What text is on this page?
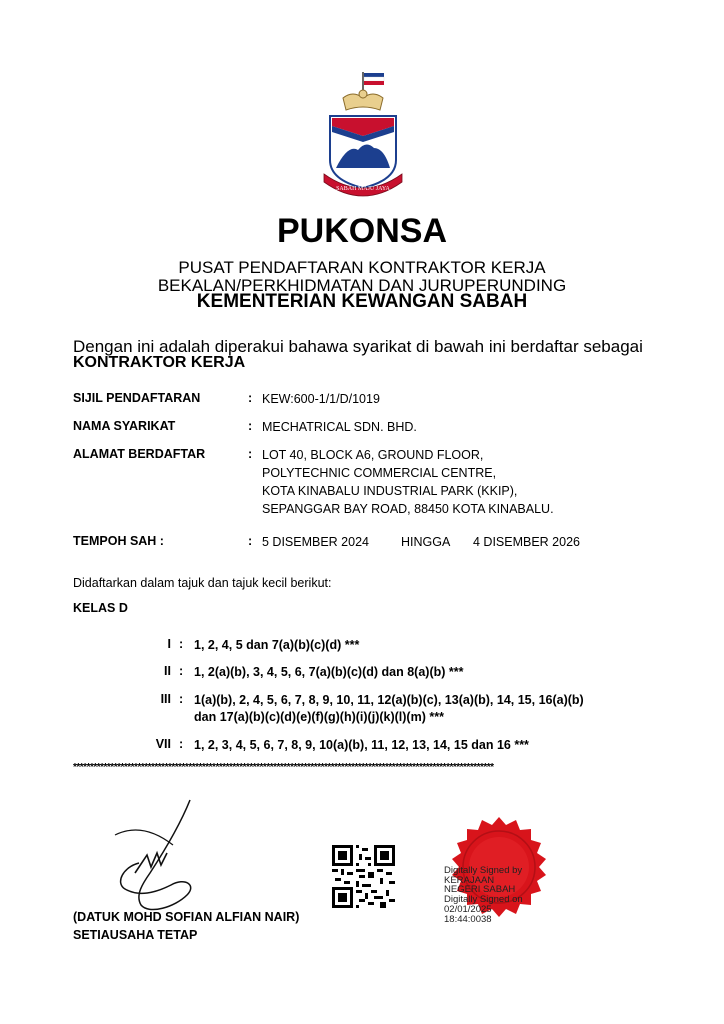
SABAH MAJU JAYA
PUKONSA
PUSAT PENDAFTARAN KONTRAKTOR KERJA
BEKALAN/PERKHIDMATAN DAN JURUPERUNDING
KEMENTERIAN KEWANGAN SABAH
Dengan ini adalah diperakui bahawa syarikat di bawah ini berdaftar sebagai
KONTRAKTOR KERJA
SIJIL PENDAFTARAN	: KEW:600-1/1/D/1019
NAMA SYARIKAT	: MECHATRICAL SDN. BHD.
ALAMAT BERDAFTAR	: LOT 40, BLOCK A6, GROUND FLOOR,
POLYTECHNIC COMMERCIAL CENTRE,
KOTA KINABALU INDUSTRIAL PARK (KKIP),
SEPANGGAR BAY ROAD, 88450 KOTA KINABALU.
TEMPOH SAH :	: 5 DISEMBER 2024	HINGGA 4 DISEMBER 2026
Didaftarkan dalam tajuk dan tajuk kecil berikut:
KELAS D
I : 1, 2, 4, 5 dan 7(a)(b)(c)(d) ***
II : 1, 2(a)(b), 3, 4, 5, 6, 7(a)(b)(c)(d) dan 8(a)(b) ***
III : 1(a)(b), 2, 4, 5, 6, 7, 8, 9, 10, 11, 12(a)(b)(c), 13(a)(b), 14, 15, 16(a)(b)
dan 17(a)(b)(c)(d)(e)(f)(g)(h)(i)(j)(k)(l)(m) ***
VII : 1, 2, 3, 4, 5, 6, 7, 8, 9, 10(a)(b), 11, 12, 13, 14, 15 dan 16 ***
****************************************************************************************************************************
(DATUK MOHD SOFIAN ALFIAN NAIR)
SETIAUSAHA TETAP
Digitally Signed by
KERAJAAN
NEGERI SABAH
Digitally Signed on
02/01/2025
18:44:0038
